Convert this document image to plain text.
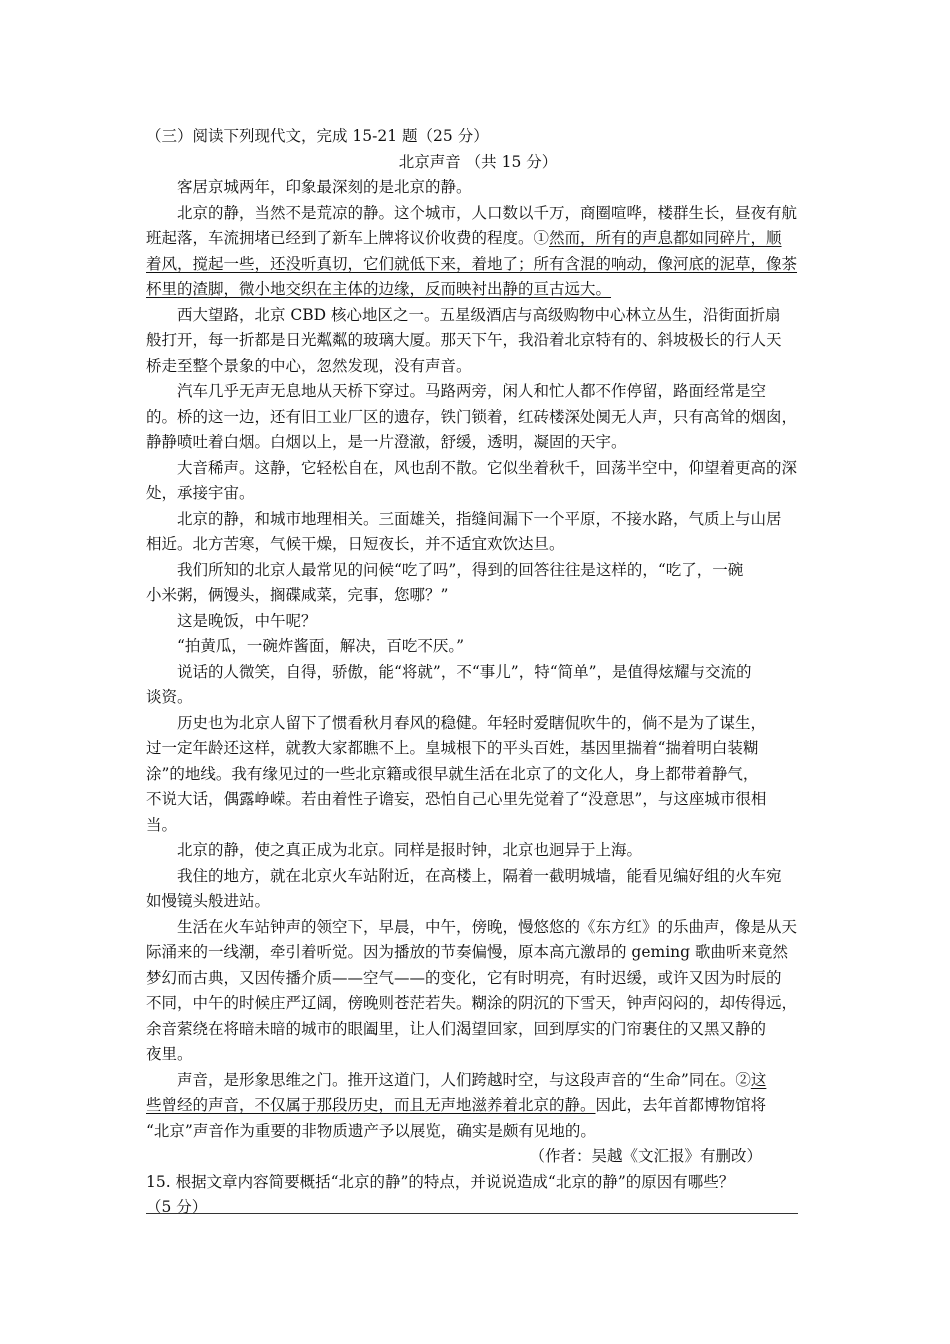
（三）阅读下列现代文，完成 15-21 题（25 分）
北京声音 （共 15 分）
客居京城两年，印象最深刻的是北京的静。
北京的静，当然不是荒凉的静。这个城市，人口数以千万，商圈喧哗，楼群生长，昼夜有航
班起落，车流拥堵已经到了新车上牌将议价收费的程度。①然而，所有的声息都如同碎片，顺
着风，搅起一些，还没听真切，它们就低下来，着地了；所有含混的响动，像河底的泥草，像茶
杯里的渣脚，微小地交织在主体的边缘，反而映衬出静的亘古远大。
西大望路，北京 CBD 核心地区之一。五星级酒店与高级购物中心林立丛生，沿街面折扇
般打开，每一折都是日光粼粼的玻璃大厦。那天下午，我沿着北京特有的、斜坡极长的行人天
桥走至整个景象的中心，忽然发现，没有声音。
汽车几乎无声无息地从天桥下穿过。马路两旁，闲人和忙人都不作停留，路面经常是空
的。桥的这一边，还有旧工业厂区的遗存，铁门锁着，红砖楼深处阒无人声，只有高耸的烟囱，
静静喷吐着白烟。白烟以上，是一片澄澈，舒缓，透明，凝固的天宇。
大音稀声。这静，它轻松自在，风也刮不散。它似坐着秋千，回荡半空中，仰望着更高的深
处，承接宇宙。
北京的静，和城市地理相关。三面雄关，指缝间漏下一个平原，不接水路，气质上与山居
相近。北方苦寒，气候干燥，日短夜长，并不适宜欢饮达旦。
我们所知的北京人最常见的问候“吃了吗”，得到的回答往往是这样的，“吃了，一碗
小米粥，俩馒头，搁碟咸菜，完事，您哪？”
这是晚饭，中午呢？
“拍黄瓜，一碗炸酱面，解决，百吃不厌。”
说话的人微笑，自得，骄傲，能“将就”，不“事儿”，特“简单”，是值得炫耀与交流的
谈资。
历史也为北京人留下了惯看秋月春风的稳健。年轻时爱瞎侃吹牛的，倘不是为了谋生，
过一定年龄还这样，就教大家都瞧不上。皇城根下的平头百姓，基因里揣着“揣着明白装糊
涂”的地线。我有缘见过的一些北京籍或很早就生活在北京了的文化人，身上都带着静气，
不说大话，偶露峥嵘。若由着性子谵妄，恐怕自己心里先觉着了“没意思”，与这座城市很相
当。
北京的静，使之真正成为北京。同样是报时钟，北京也迥异于上海。
我住的地方，就在北京火车站附近，在高楼上，隔着一截明城墙，能看见编好组的火车宛
如慢镜头般进站。
生活在火车站钟声的领空下，早晨，中午，傍晚，慢悠悠的《东方红》的乐曲声，像是从天
际涌来的一线潮，牵引着听觉。因为播放的节奏偏慢，原本高亢激昂的 geming 歌曲听来竟然
梦幻而古典，又因传播介质——空气——的变化，它有时明亮，有时迟缓，或许又因为时辰的
不同，中午的时候庄严辽阔，傍晚则苍茫若失。糊涂的阴沉的下雪天，钟声闷闷的，却传得远，
余音萦绕在将暗未暗的城市的眼阖里，让人们渴望回家，回到厚实的门帘裹住的又黑又静的
夜里。
声音，是形象思维之门。推开这道门，人们跨越时空，与这段声音的“生命”同在。②这
些曾经的声音，不仅属于那段历史，而且无声地滋养着北京的静。因此，去年首都博物馆将
“北京”声音作为重要的非物质遗产予以展览，确实是颇有见地的。
（作者：吴越《文汇报》有删改）
15. 根据文章内容简要概括“北京的静”的特点，并说说造成“北京的静”的原因有哪些？
（5 分）
